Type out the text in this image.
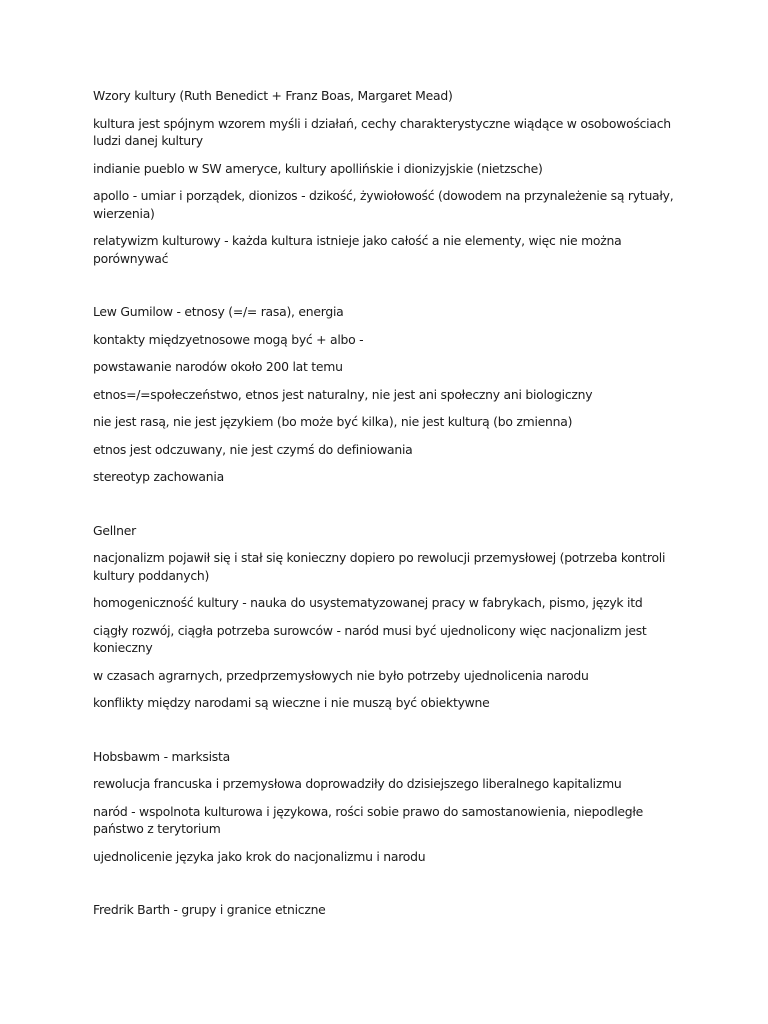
Wzory kultury (Ruth Benedict + Franz Boas, Margaret Mead)

kultura jest spójnym wzorem myśli i działań, cechy charakterystyczne wiądące w osobowościach ludzi danej kultury

indianie pueblo w SW ameryce, kultury apollińskie i dionizyjskie (nietzsche)

apollo - umiar i porządek, dionizos - dzikość, żywiołowość (dowodem na przynależenie są rytuały, wierzenia)

relatywizm kulturowy - każda kultura istnieje jako całość a nie elementy, więc nie można porównywać

Lew Gumilow - etnosy (=/= rasa), energia

kontakty międzyetnosowe mogą być + albo -

powstawanie narodów około 200 lat temu

etnos=/=społeczeństwo, etnos jest naturalny, nie jest ani społeczny ani biologiczny

nie jest rasą, nie jest językiem (bo może być kilka), nie jest kulturą (bo zmienna)

etnos jest odczuwany, nie jest czymś do definiowania

stereotyp zachowania

Gellner

nacjonalizm pojawił się i stał się konieczny dopiero po rewolucji przemysłowej (potrzeba kontroli kultury poddanych)

homogeniczność kultury - nauka do usystematyzowanej pracy w fabrykach, pismo, język itd

ciągły rozwój, ciągła potrzeba surowców - naród musi być ujednolicony więc nacjonalizm jest konieczny

w czasach agrarnych, przedprzemysłowych nie było potrzeby ujednolicenia narodu

konflikty między narodami są wieczne i nie muszą być obiektywne

Hobsbawm - marksista

rewolucja francuska i przemysłowa doprowadziły do dzisiejszego liberalnego kapitalizmu

naród - wspolnota kulturowa i językowa, rości sobie prawo do samostanowienia, niepodległe państwo z terytorium

ujednolicenie języka jako krok do nacjonalizmu i narodu

Fredrik Barth - grupy i granice etniczne
